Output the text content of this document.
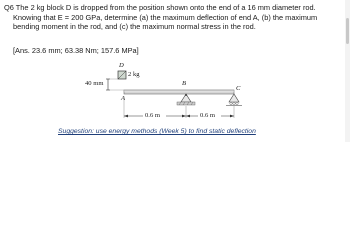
Q6 The 2 kg block D is dropped from the position shown onto the end of a 16 mm diameter rod.
Knowing that E = 200 GPa, determine (a) the maximum deflection of end A, (b) the maximum
bending moment in the rod, and (c) the maximum normal stress in the rod.
[Ans. 23.6 mm; 63.38 Nm; 157.6 MPa]
D
2 kg
40 mm
A
B
C
0.6 m	0.6 m
Suggestion: use energy methods (Week 5) to find static deflection
